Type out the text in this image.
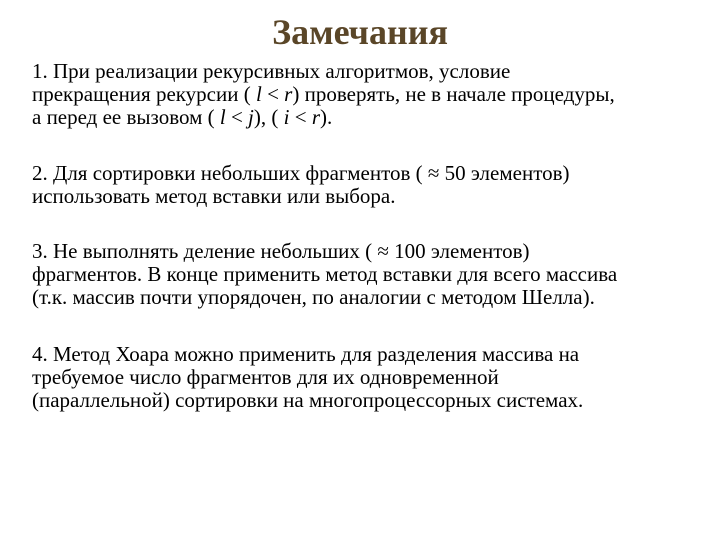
Замечания
1. При реализации рекурсивных алгоритмов, условие
прекращения рекурсии ( l < r) проверять, не в начале процедуры,
а перед ее вызовом ( l < j), ( i < r).
2. Для сортировки небольших фрагментов ( ≈ 50 элементов)
использовать метод вставки или выбора.
3. Не выполнять деление небольших ( ≈ 100 элементов)
фрагментов. В конце применить метод вставки для всего массива
(т.к. массив почти упорядочен, по аналогии с методом Шелла).
4. Метод Хоара можно применить для разделения массива на
требуемое число фрагментов для их одновременной
(параллельной) сортировки на многопроцессорных системах.
